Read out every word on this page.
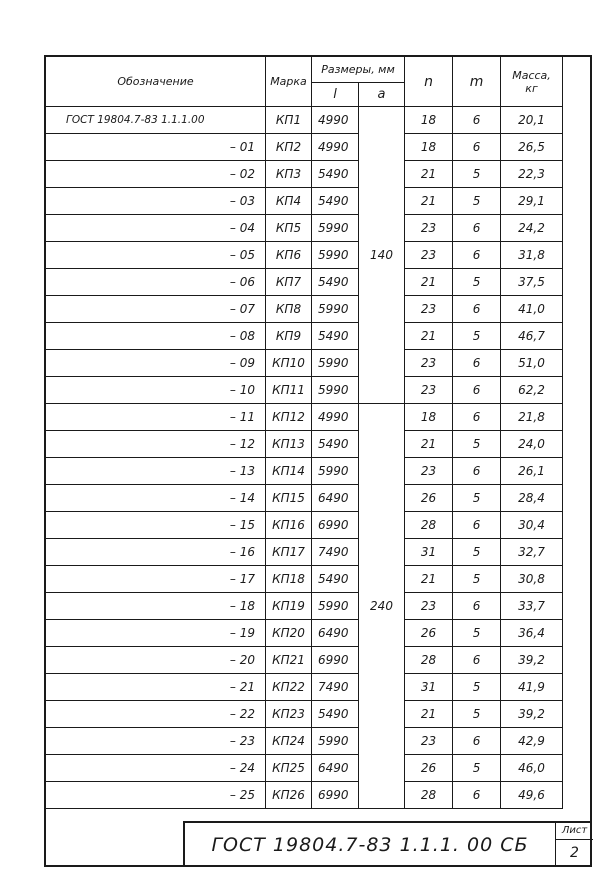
Обозначение	Марка	Размеры, мм		n	m	Масса, кг
		l	a			
ГОСТ 19804.7-83 1.1.1.00	КП1	4990	140	18	6	20,1
– 01	КП2	4990		18	6	26,5
– 02	КП3	5490		21	5	22,3
– 03	КП4	5490		21	5	29,1
– 04	КП5	5990		23	6	24,2
– 05	КП6	5990		23	6	31,8
– 06	КП7	5490		21	5	37,5
– 07	КП8	5990		23	6	41,0
– 08	КП9	5490		21	5	46,7
– 09	КП10	5990		23	6	51,0
– 10	КП11	5990		23	6	62,2
– 11	КП12	4990	240	18	6	21,8
– 12	КП13	5490		21	5	24,0
– 13	КП14	5990		23	6	26,1
– 14	КП15	6490		26	5	28,4
– 15	КП16	6990		28	6	30,4
– 16	КП17	7490		31	5	32,7
– 17	КП18	5490		21	5	30,8
– 18	КП19	5990		23	6	33,7
– 19	КП20	6490		26	5	36,4
– 20	КП21	6990		28	6	39,2
– 21	КП22	7490		31	5	41,9
– 22	КП23	5490		21	5	39,2
– 23	КП24	5990		23	6	42,9
– 24	КП25	6490		26	5	46,0
– 25	КП26	6990		28	6	49,6
ГОСТ 19804.7-83 1.1.1. 00 СБ
Лист
2
